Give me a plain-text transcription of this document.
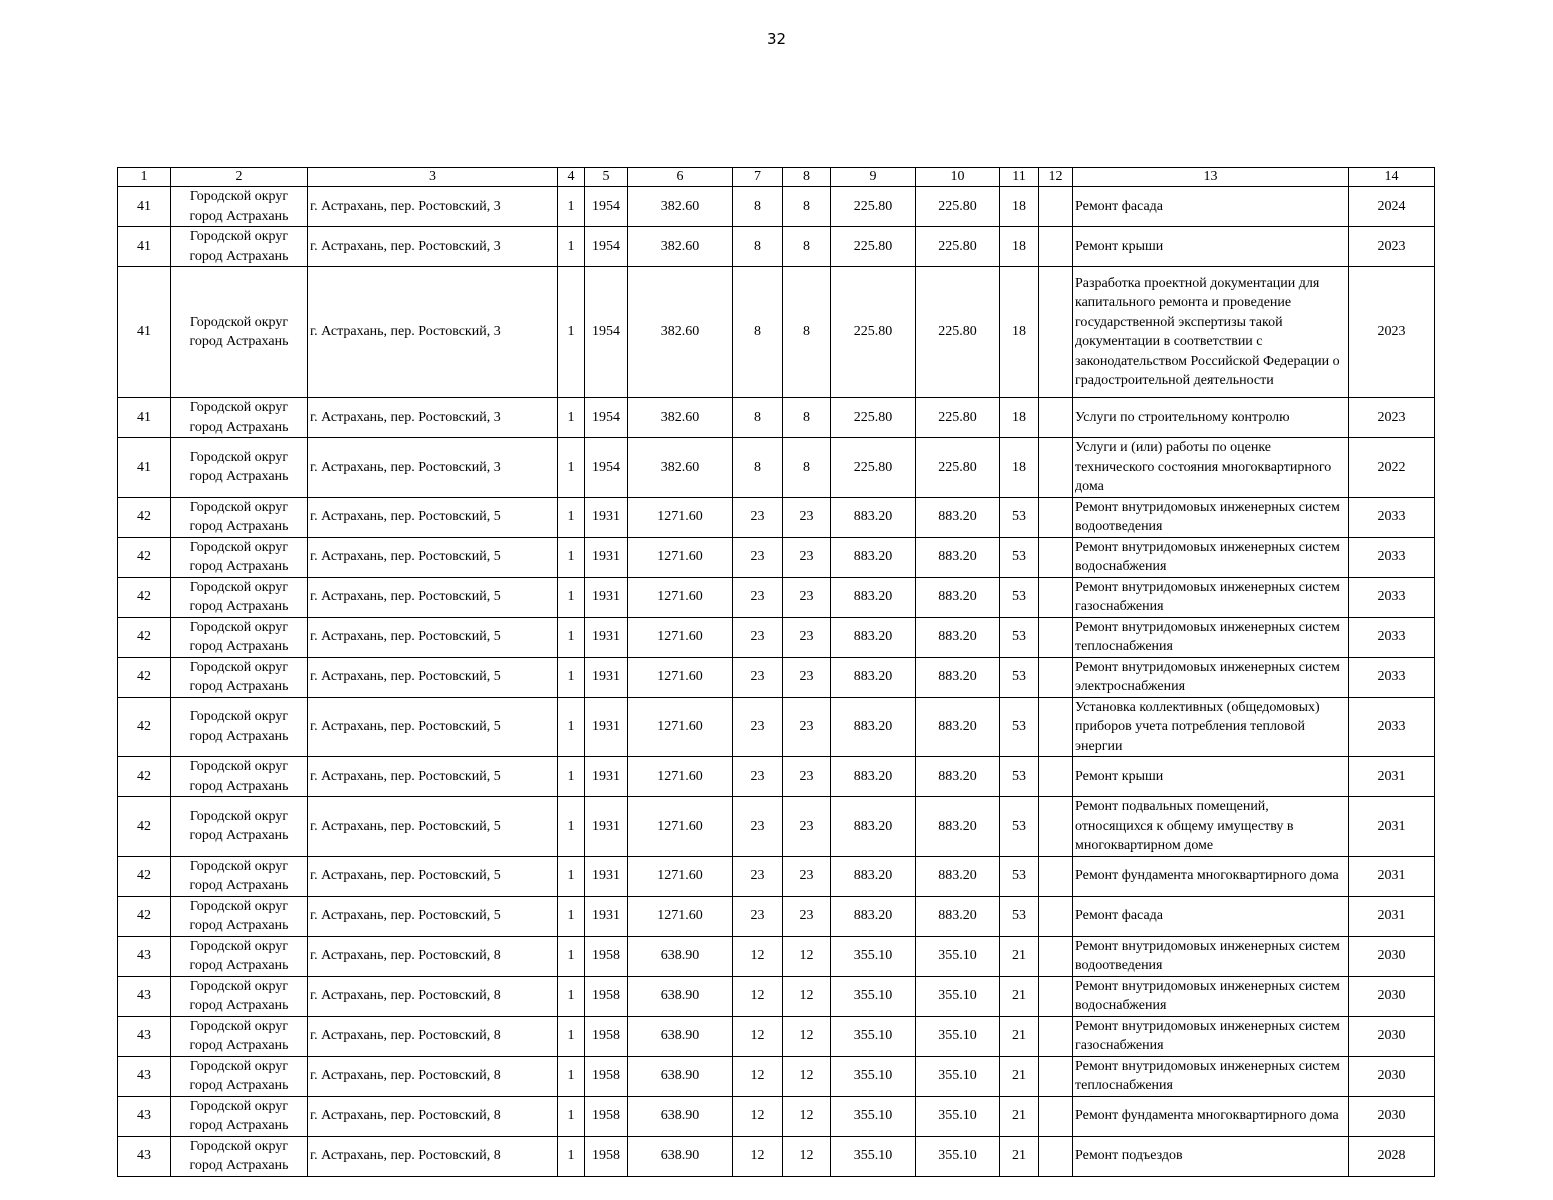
32
1	2	3	4	5	6	7	8	9	10	11	12	13	14
41	Городской округ город Астрахань	г. Астрахань, пер. Ростовский, 3	1	1954	382.60	8	8	225.80	225.80	18		Ремонт фасада	2024
41	Городской округ город Астрахань	г. Астрахань, пер. Ростовский, 3	1	1954	382.60	8	8	225.80	225.80	18		Ремонт крыши	2023
41	Городской округ город Астрахань	г. Астрахань, пер. Ростовский, 3	1	1954	382.60	8	8	225.80	225.80	18		Разработка проектной документации для капитального ремонта и проведение государственной экспертизы такой документации в соответствии с законодательством Российской Федерации о градостроительной деятельности	2023
41	Городской округ город Астрахань	г. Астрахань, пер. Ростовский, 3	1	1954	382.60	8	8	225.80	225.80	18		Услуги по строительному контролю	2023
41	Городской округ город Астрахань	г. Астрахань, пер. Ростовский, 3	1	1954	382.60	8	8	225.80	225.80	18		Услуги и (или) работы по оценке технического состояния многоквартирного дома	2022
42	Городской округ город Астрахань	г. Астрахань, пер. Ростовский, 5	1	1931	1271.60	23	23	883.20	883.20	53		Ремонт внутридомовых инженерных систем водоотведения	2033
42	Городской округ город Астрахань	г. Астрахань, пер. Ростовский, 5	1	1931	1271.60	23	23	883.20	883.20	53		Ремонт внутридомовых инженерных систем водоснабжения	2033
42	Городской округ город Астрахань	г. Астрахань, пер. Ростовский, 5	1	1931	1271.60	23	23	883.20	883.20	53		Ремонт внутридомовых инженерных систем газоснабжения	2033
42	Городской округ город Астрахань	г. Астрахань, пер. Ростовский, 5	1	1931	1271.60	23	23	883.20	883.20	53		Ремонт внутридомовых инженерных систем теплоснабжения	2033
42	Городской округ город Астрахань	г. Астрахань, пер. Ростовский, 5	1	1931	1271.60	23	23	883.20	883.20	53		Ремонт внутридомовых инженерных систем электроснабжения	2033
42	Городской округ город Астрахань	г. Астрахань, пер. Ростовский, 5	1	1931	1271.60	23	23	883.20	883.20	53		Установка коллективных (общедомовых) приборов учета потребления тепловой энергии	2033
42	Городской округ город Астрахань	г. Астрахань, пер. Ростовский, 5	1	1931	1271.60	23	23	883.20	883.20	53		Ремонт крыши	2031
42	Городской округ город Астрахань	г. Астрахань, пер. Ростовский, 5	1	1931	1271.60	23	23	883.20	883.20	53		Ремонт подвальных помещений, относящихся к общему имуществу в многоквартирном доме	2031
42	Городской округ город Астрахань	г. Астрахань, пер. Ростовский, 5	1	1931	1271.60	23	23	883.20	883.20	53		Ремонт фундамента многоквартирного дома	2031
42	Городской округ город Астрахань	г. Астрахань, пер. Ростовский, 5	1	1931	1271.60	23	23	883.20	883.20	53		Ремонт фасада	2031
43	Городской округ город Астрахань	г. Астрахань, пер. Ростовский, 8	1	1958	638.90	12	12	355.10	355.10	21		Ремонт внутридомовых инженерных систем водоотведения	2030
43	Городской округ город Астрахань	г. Астрахань, пер. Ростовский, 8	1	1958	638.90	12	12	355.10	355.10	21		Ремонт внутридомовых инженерных систем водоснабжения	2030
43	Городской округ город Астрахань	г. Астрахань, пер. Ростовский, 8	1	1958	638.90	12	12	355.10	355.10	21		Ремонт внутридомовых инженерных систем газоснабжения	2030
43	Городской округ город Астрахань	г. Астрахань, пер. Ростовский, 8	1	1958	638.90	12	12	355.10	355.10	21		Ремонт внутридомовых инженерных систем теплоснабжения	2030
43	Городской округ город Астрахань	г. Астрахань, пер. Ростовский, 8	1	1958	638.90	12	12	355.10	355.10	21		Ремонт фундамента многоквартирного дома	2030
43	Городской округ город Астрахань	г. Астрахань, пер. Ростовский, 8	1	1958	638.90	12	12	355.10	355.10	21		Ремонт подъездов	2028
